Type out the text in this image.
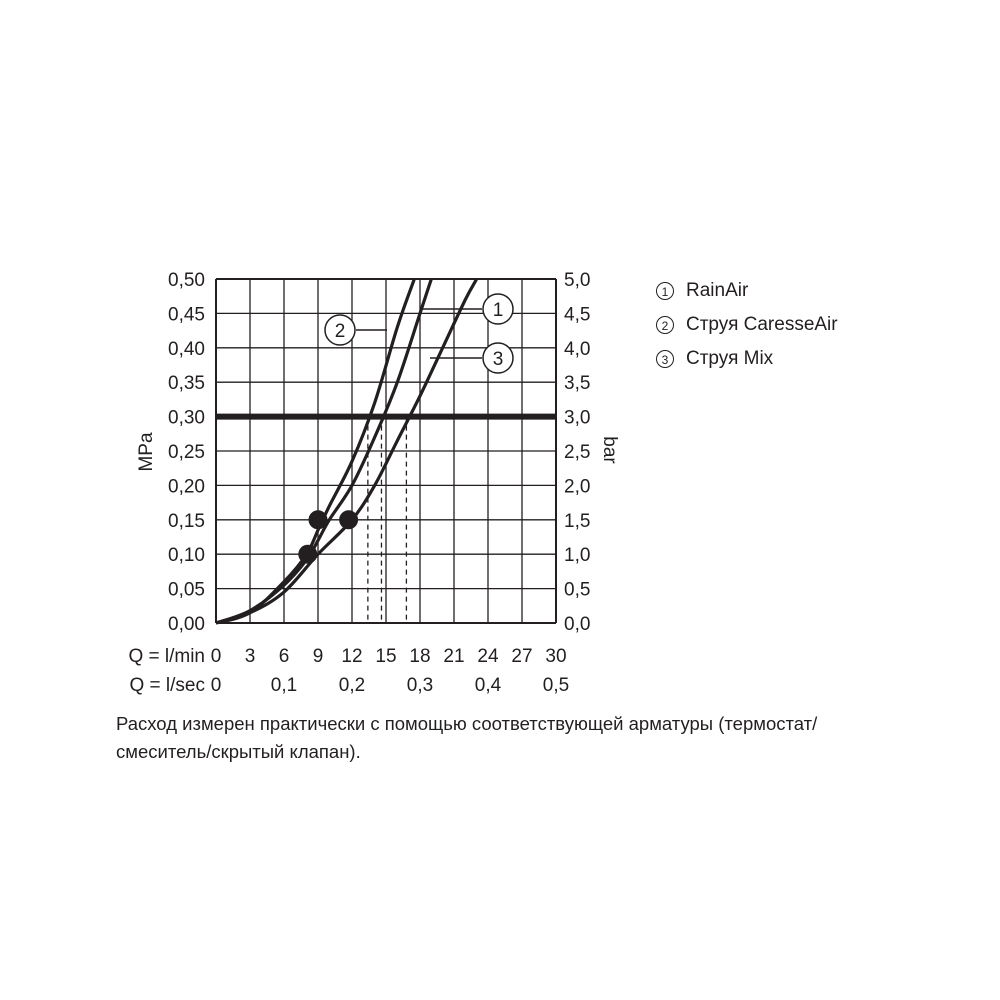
1
2
3
0,00
0,05
0,10
0,15
0,20
0,25
0,30
0,35
0,40
0,45
0,50
0,0
0,5
1,0
1,5
2,0
2,5
3,0
3,5
4,0
4,5
5,0
MPa	bar
Q = l/min 0 3 6 9 12 15 18 21 24 27 30
Q = l/sec 0	0,1 0,2 0,3 0,4 0,5
1 RainAir
2 Струя CaresseAir
3 Струя Mix
Расход измерен практически с помощью соответствующей арматуры (термостат/
смеситель/скрытый клапан).
